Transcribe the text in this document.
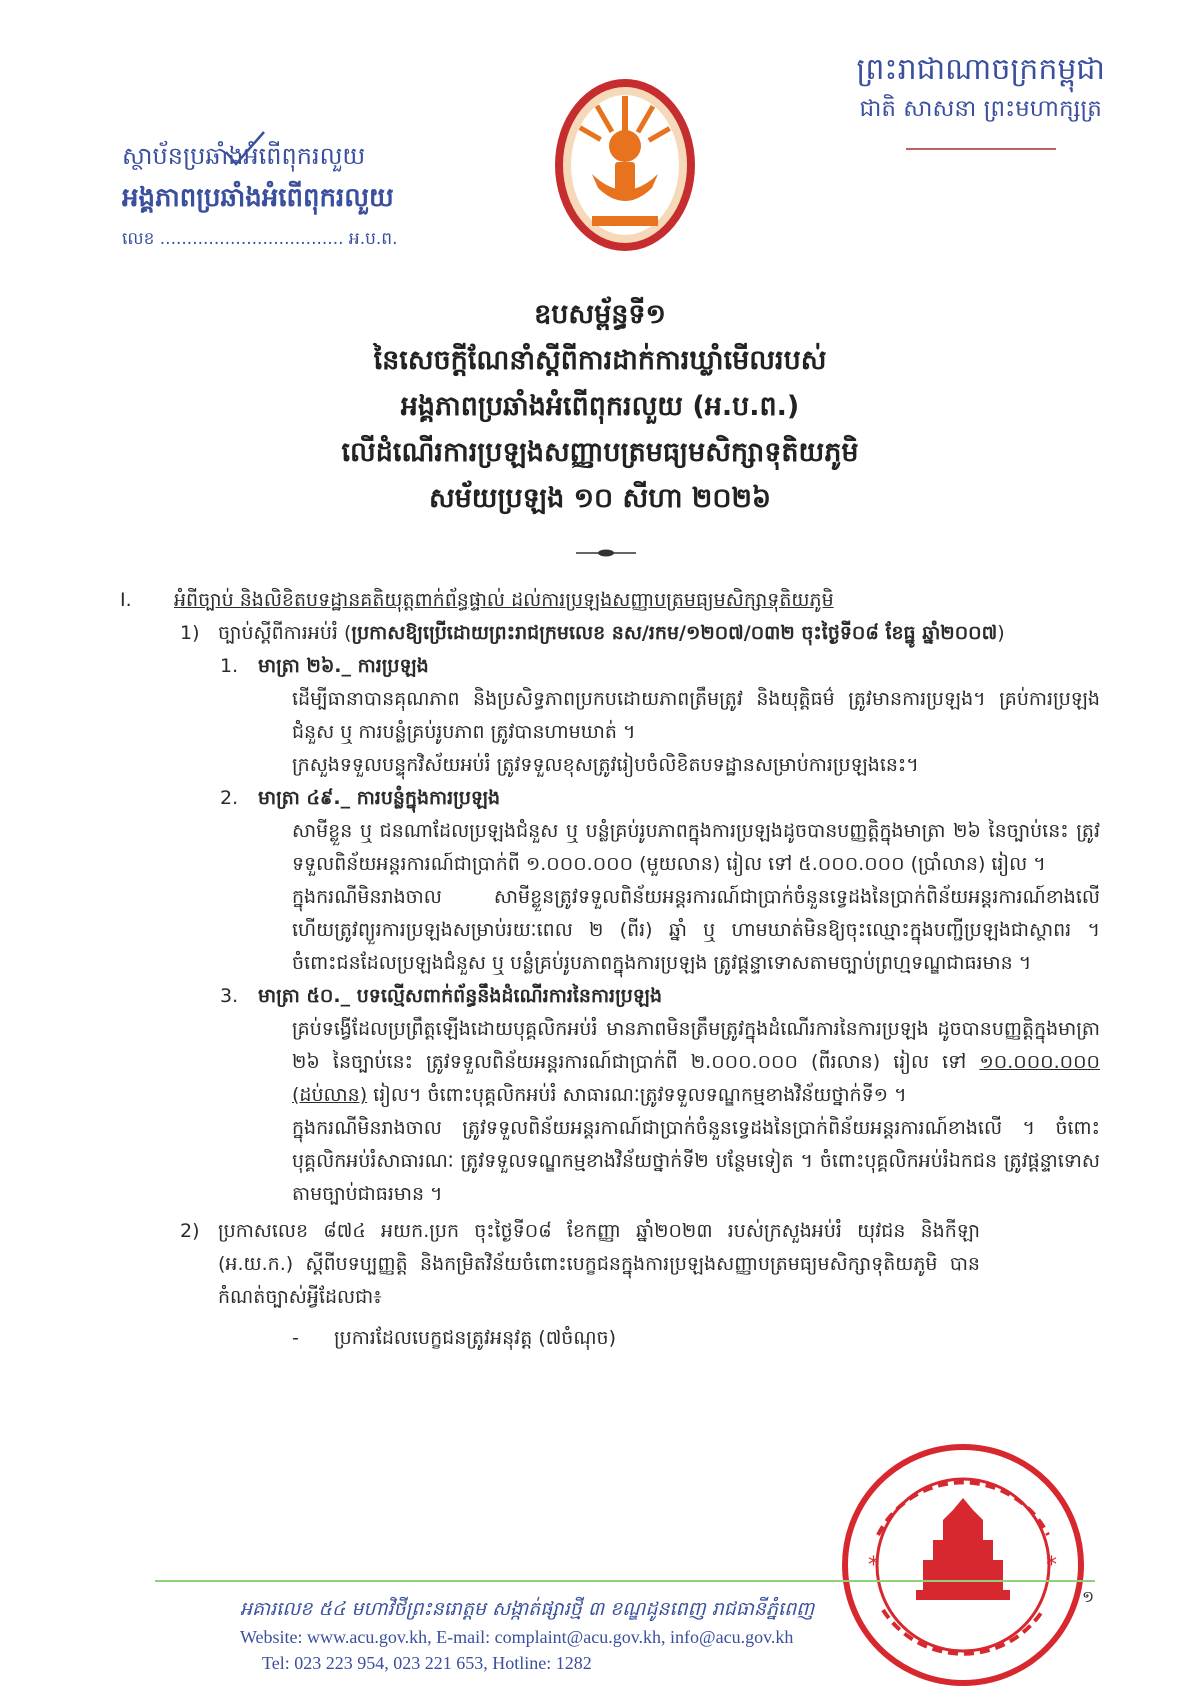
ព្រះរាជាណាចក្រកម្ពុជា
ជាតិ សាសនា ព្រះមហាក្សត្រ
ស្ថាប័នប្រឆាំងអំពើពុករលួយ
អង្គភាពប្រឆាំងអំពើពុករលួយ
លេខ .................................. អ.ប.ព.
ឧបសម្ព័ន្ធទី១
នៃសេចក្តីណែនាំស្តីពីការដាក់ការឃ្លាំមើលរបស់
អង្គភាពប្រឆាំងអំពើពុករលួយ (អ.ប.ព.)
លើដំណើរការប្រឡងសញ្ញាបត្រមធ្យមសិក្សាទុតិយភូមិ
សម័យប្រឡង ១០ សីហា ២០២៦
I.	អំពីច្បាប់ និងលិខិតបទដ្ឋានគតិយុត្តពាក់ព័ន្ធផ្ទាល់ ដល់ការប្រឡងសញ្ញាបត្រមធ្យមសិក្សាទុតិយភូមិ
1) ច្បាប់ស្តីពីការអប់រំ (ប្រកាសឱ្យប្រើដោយព្រះរាជក្រមលេខ នស/រកម/១២០៧/០៣២ ចុះថ្ងៃទី០៨ ខែធ្នូ ឆ្នាំ២០០៧)
1.	មាត្រា ២៦._ ការប្រឡង
ដើម្បីធានាបានគុណភាព និងប្រសិទ្ធភាពប្រកបដោយភាពត្រឹមត្រូវ និងយុត្តិធម៌ ត្រូវមានការប្រឡង។ គ្រប់ការប្រឡងជំនួស ឬ ការបន្លំគ្រប់រូបភាព ត្រូវបានហាមឃាត់ ។
ក្រសួងទទួលបន្ទុកវិស័យអប់រំ ត្រូវទទួលខុសត្រូវរៀបចំលិខិតបទដ្ឋានសម្រាប់ការប្រឡងនេះ។
2.	មាត្រា ៤៩._ ការបន្លំក្នុងការប្រឡង
សាមីខ្លួន ឬ ជនណាដែលប្រឡងជំនួស ឬ បន្លំគ្រប់រូបភាពក្នុងការប្រឡងដូចបានបញ្ញត្តិក្នុងមាត្រា ២៦ នៃច្បាប់នេះ ត្រូវទទួលពិន័យអន្តរការណ៍ជាប្រាក់ពី ១.០០០.០០០ (មួយលាន) រៀល ទៅ ៥.០០០.០០០ (ប្រាំលាន) រៀល ។
ក្នុងករណីមិនរាងចាល សាមីខ្លួនត្រូវទទួលពិន័យអន្តរការណ៍ជាប្រាក់ចំនួនទ្វេដងនៃប្រាក់ពិន័យអន្តរការណ៍ខាងលើ ហើយត្រូវព្យួរការប្រឡងសម្រាប់រយៈពេល ២ (ពីរ) ឆ្នាំ ឬ ហាមឃាត់មិនឱ្យចុះឈ្មោះក្នុងបញ្ជីប្រឡងជាស្ថាពរ ។ ចំពោះជនដែលប្រឡងជំនួស ឬ បន្លំគ្រប់រូបភាពក្នុងការប្រឡង ត្រូវផ្តន្ទាទោសតាមច្បាប់ព្រហ្មទណ្ឌជាធរមាន ។
3.	មាត្រា ៥០._ បទល្មើសពាក់ព័ន្ធនឹងដំណើរការនៃការប្រឡង
គ្រប់ទង្វើដែលប្រព្រឹត្តឡើងដោយបុគ្គលិកអប់រំ មានភាពមិនត្រឹមត្រូវក្នុងដំណើរការនៃការប្រឡង ដូចបានបញ្ញត្តិក្នុងមាត្រា ២៦ នៃច្បាប់នេះ ត្រូវទទួលពិន័យអន្តរការណ៍ជាប្រាក់ពី ២.០០០.០០០ (ពីរលាន) រៀល ទៅ ១០.០០០.០០០ (ដប់លាន) រៀល។ ចំពោះបុគ្គលិកអប់រំ សាធារណៈត្រូវទទួលទណ្ឌកម្មខាងវិន័យថ្នាក់ទី១ ។
ក្នុងករណីមិនរាងចាល ត្រូវទទួលពិន័យអន្តរកាណ៍ជាប្រាក់ចំនួនទ្វេដងនៃប្រាក់ពិន័យអន្តរការណ៍ខាងលើ ។ ចំពោះបុគ្គលិកអប់រំសាធារណៈ ត្រូវទទួលទណ្ឌកម្មខាងវិន័យថ្នាក់ទី២ បន្ថែមទៀត ។ ចំពោះបុគ្គលិកអប់រំឯកជន ត្រូវផ្តន្ទាទោសតាមច្បាប់ជាធរមាន ។
2) ប្រកាសលេខ ៨៧៤ អយក.ប្រក ចុះថ្ងៃទី០៨ ខែកញ្ញា ឆ្នាំ២០២៣ របស់ក្រសួងអប់រំ យុវជន និងកីឡា (អ.យ.ក.) ស្តីពីបទប្បញ្ញត្តិ និងកម្រិតវិន័យចំពោះបេក្ខជនក្នុងការប្រឡងសញ្ញាបត្រមធ្យមសិក្សាទុតិយភូមិ បានកំណត់ច្បាស់អ្វីដែលជា៖
-	ប្រការដែលបេក្ខជនត្រូវអនុវត្ត (៧ចំណុច)
*	*
អគារលេខ ៥៤ មហាវិថីព្រះនរោត្តម សង្កាត់ផ្សារថ្មី ៣ ខណ្ឌដូនពេញ រាជធានីភ្នំពេញ
Website: www.acu.gov.kh, E-mail: complaint@acu.gov.kh, info@acu.gov.kh
Tel: 023 223 954, 023 221 653, Hotline: 1282
១
